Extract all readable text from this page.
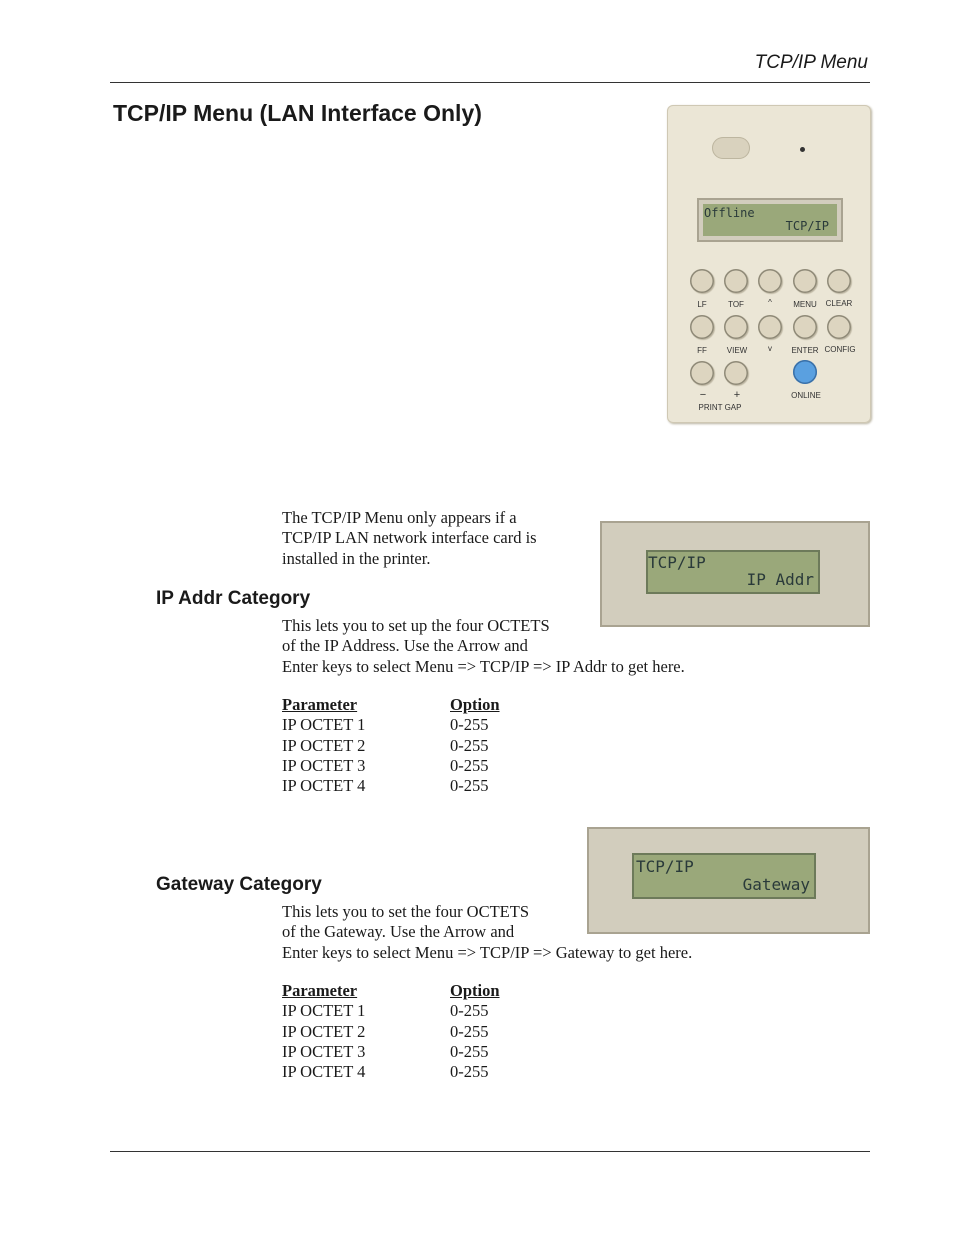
TCP/IP Menu
TCP/IP Menu (LAN Interface Only)
Offline
TCP/IP
LF	TOF	^	MENU CLEAR
FF VIEW	v ENTER CONFIG
−	+
PRINT GAP
ONLINE
The TCP/IP Menu only appears if a
TCP/IP LAN network interface card is
installed in the printer.	TCP/IP
IP Addr
IP Addr Category
This lets you to set up the four OCTETS
of the IP Address. Use the Arrow and
Enter keys to select Menu => TCP/IP => IP Addr to get here.
Parameter	Option
IP OCTET 1	0-255
IP OCTET 2	0-255
IP OCTET 3	0-255
IP OCTET 4	0-255
TCP/IP
Gateway
Gateway Category
This lets you to set the four OCTETS
of the Gateway. Use the Arrow and
Enter keys to select Menu => TCP/IP => Gateway to get here.
Parameter	Option
IP OCTET 1	0-255
IP OCTET 2	0-255
IP OCTET 3	0-255
IP OCTET 4	0-255
